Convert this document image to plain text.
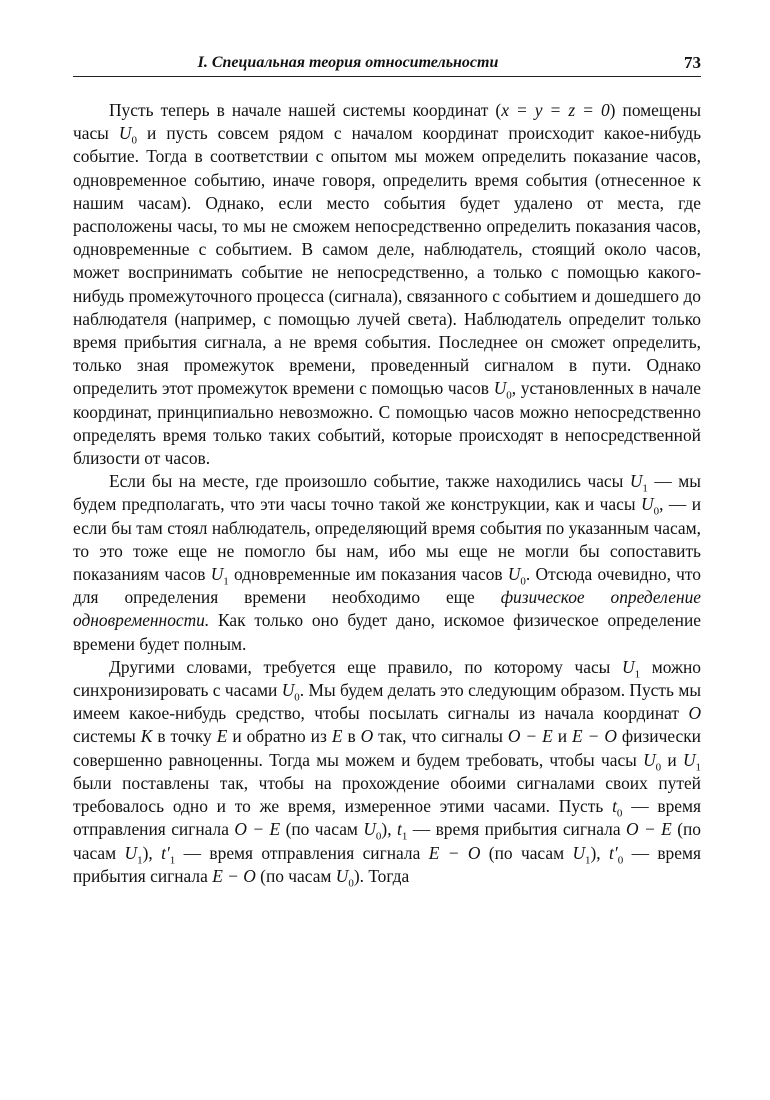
I. Специальная теория относительности	73

Пусть теперь в начале нашей системы координат (x = y = z = 0) помещены часы $U_0$ и пусть совсем рядом с началом координат происходит какое-нибудь событие. Тогда в соответствии с опытом мы можем определить показание часов, одновременное событию, иначе говоря, определить время события (отнесенное к нашим часам). Однако, если место события будет удалено от места, где расположены часы, то мы не сможем непосредственно определить показания часов, одновременные с событием. В самом деле, наблюдатель, стоящий около часов, может воспринимать событие не непосредственно, а только с помощью какого-нибудь промежуточного процесса (сигнала), связанного с событием и дошедшего до наблюдателя (например, с помощью лучей света). Наблюдатель определит только время прибытия сигнала, а не время события. Последнее он сможет определить, только зная промежуток времени, проведенный сигналом в пути. Однако определить этот промежуток времени с помощью часов $U_0$, установленных в начале координат, принципиально невозможно. С помощью часов можно непосредственно определять время только таких событий, которые происходят в непосредственной близости от часов.

Если бы на месте, где произошло событие, также находились часы $U_1$ — мы будем предполагать, что эти часы точно такой же конструкции, как и часы $U_0$, — и если бы там стоял наблюдатель, определяющий время события по указанным часам, то это тоже еще не помогло бы нам, ибо мы еще не могли бы сопоставить показаниям часов $U_1$ одновременные им показания часов $U_0$. Отсюда очевидно, что для определения времени необходимо еще физическое определение одновременности. Как только оно будет дано, искомое физическое определение времени будет полным.

Другими словами, требуется еще правило, по которому часы $U_1$ можно синхронизировать с часами $U_0$. Мы будем делать это следующим образом. Пусть мы имеем какое-нибудь средство, чтобы посылать сигналы из начала координат O системы K в точку E и обратно из E в O так, что сигналы O − E и E − O физически совершенно равноценны. Тогда мы можем и будем требовать, чтобы часы $U_0$ и $U_1$ были поставлены так, чтобы на прохождение обоими сигналами своих путей требовалось одно и то же время, измеренное этими часами. Пусть $t_0$ — время отправления сигнала O − E (по часам $U_0$), $t_1$ — время прибытия сигнала O − E (по часам $U_1$), $t'_1$ — время отправления сигнала E − O (по часам $U_1$), $t'_0$ — время прибытия сигнала E − O (по часам $U_0$). Тогда
